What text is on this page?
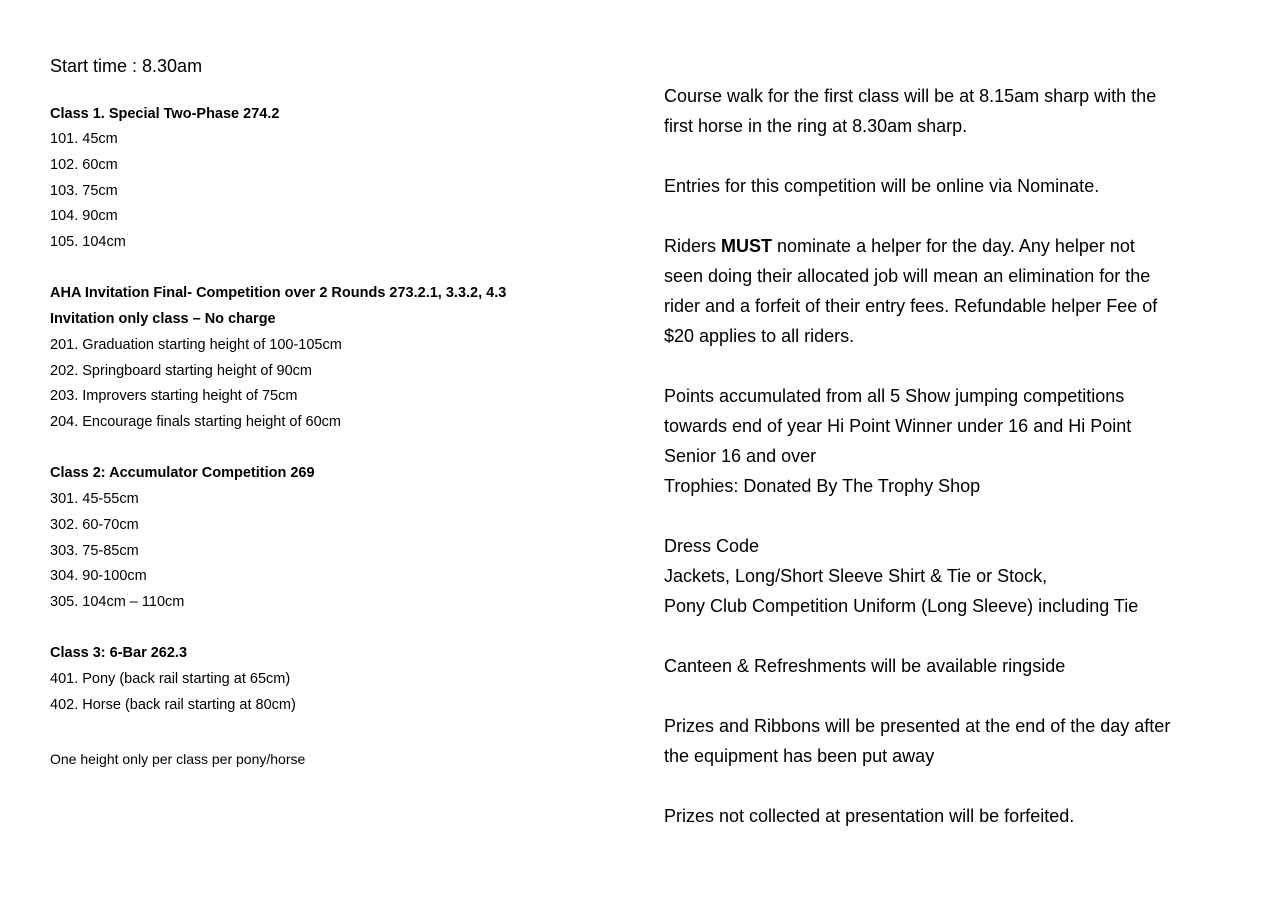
Start time : 8.30am
Class 1. Special Two-Phase 274.2
101. 45cm
102. 60cm
103. 75cm
104. 90cm
105. 104cm
AHA Invitation Final- Competition over 2 Rounds 273.2.1, 3.3.2, 4.3
Invitation only class – No charge
201. Graduation starting height of 100-105cm
202. Springboard starting height of 90cm
203. Improvers starting height of 75cm
204. Encourage finals starting height of 60cm
Class 2: Accumulator Competition 269
301. 45-55cm
302. 60-70cm
303. 75-85cm
304. 90-100cm
305. 104cm – 110cm
Class 3: 6-Bar 262.3
401. Pony (back rail starting at 65cm)
402. Horse (back rail starting at 80cm)
One height only per class per pony/horse
Course walk for the first class will be at 8.15am sharp with the
first horse in the ring at 8.30am sharp.
Entries for this competition will be online via Nominate.
Riders MUST nominate a helper for the day. Any helper not
seen doing their allocated job will mean an elimination for the
rider and a forfeit of their entry fees. Refundable helper Fee of
$20 applies to all riders.
Points accumulated from all 5 Show jumping competitions
towards end of year Hi Point Winner under 16 and Hi Point
Senior 16 and over
Trophies: Donated By The Trophy Shop
Dress Code
Jackets, Long/Short Sleeve Shirt & Tie or Stock,
Pony Club Competition Uniform (Long Sleeve) including Tie
Canteen & Refreshments will be available ringside
Prizes and Ribbons will be presented at the end of the day after
the equipment has been put away
Prizes not collected at presentation will be forfeited.
